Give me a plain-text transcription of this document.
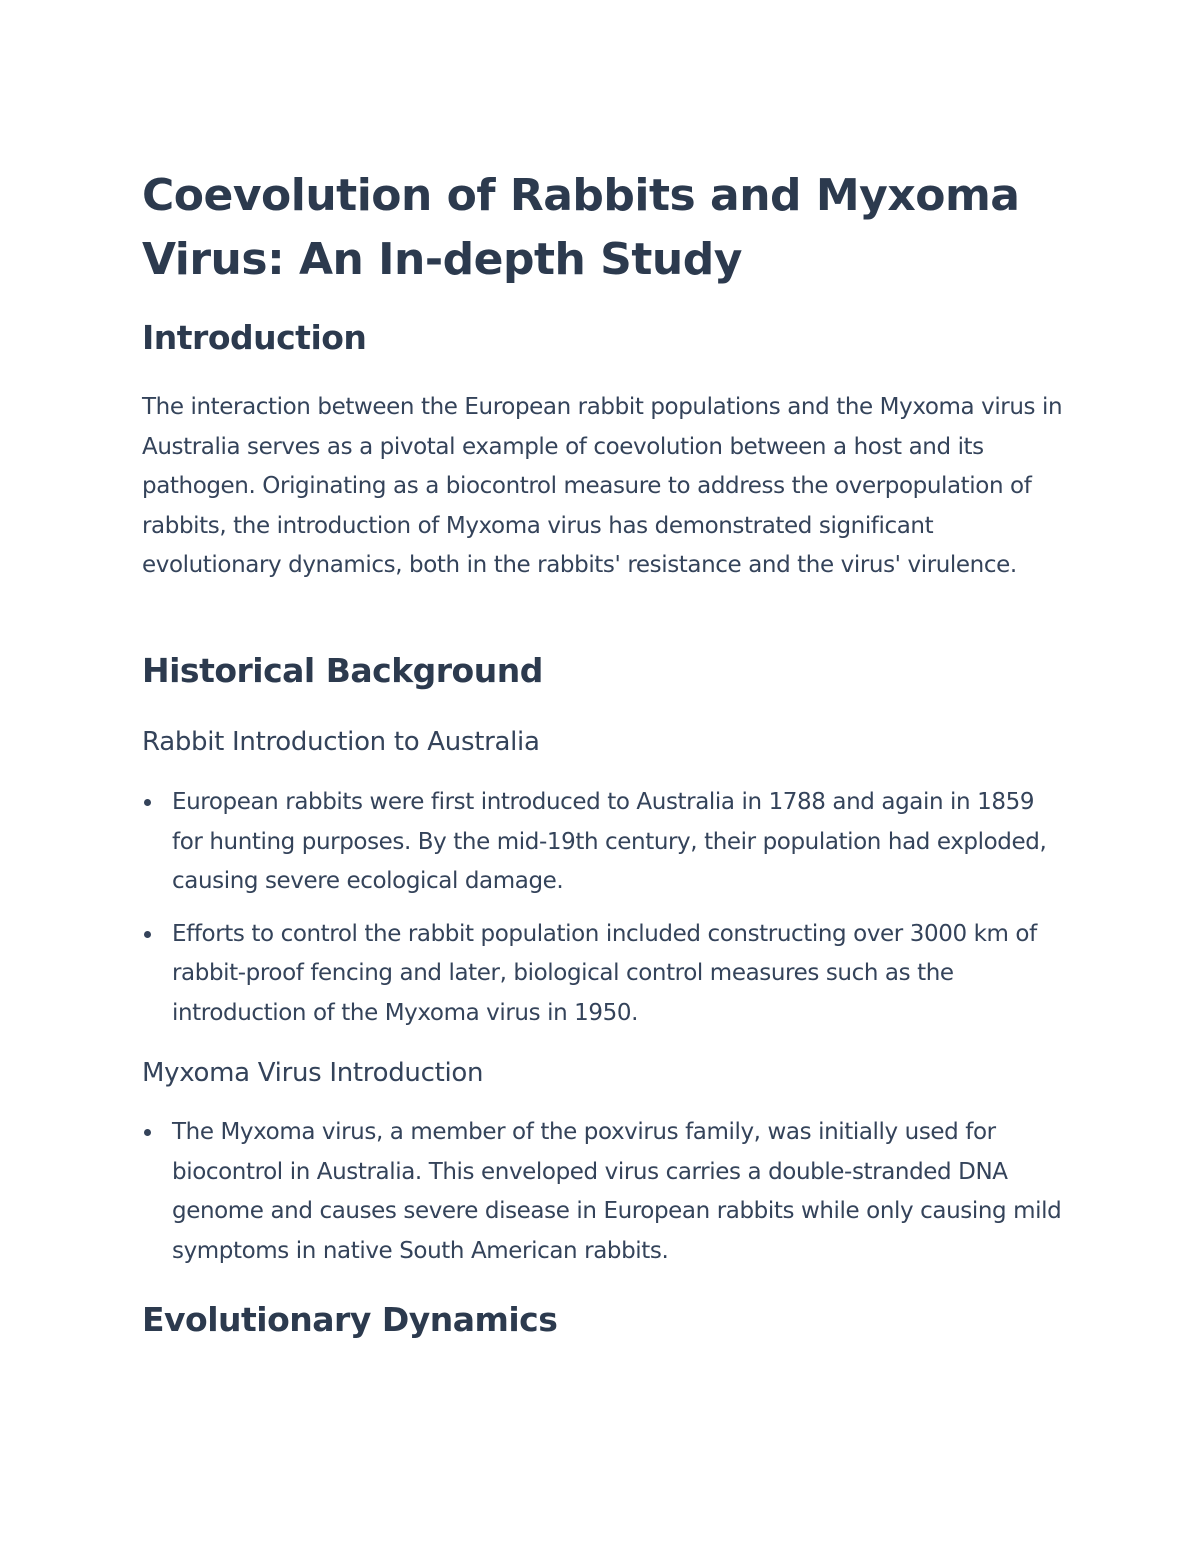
Coevolution of Rabbits and Myxoma Virus: An In-depth Study
Introduction

The interaction between the European rabbit populations and the Myxoma virus in Australia serves as a pivotal example of coevolution between a host and its pathogen. Originating as a biocontrol measure to address the overpopulation of rabbits, the introduction of Myxoma virus has demonstrated significant evolutionary dynamics, both in the rabbits' resistance and the virus' virulence.

Historical Background
Rabbit Introduction to Australia
European rabbits were first introduced to Australia in 1788 and again in 1859 for hunting purposes. By the mid-19th century, their population had exploded, causing severe ecological damage.
Efforts to control the rabbit population included constructing over 3000 km of rabbit-proof fencing and later, biological control measures such as the introduction of the Myxoma virus in 1950.
Myxoma Virus Introduction
The Myxoma virus, a member of the poxvirus family, was initially used for biocontrol in Australia. This enveloped virus carries a double-stranded DNA genome and causes severe disease in European rabbits while only causing mild symptoms in native South American rabbits.
Evolutionary Dynamics
